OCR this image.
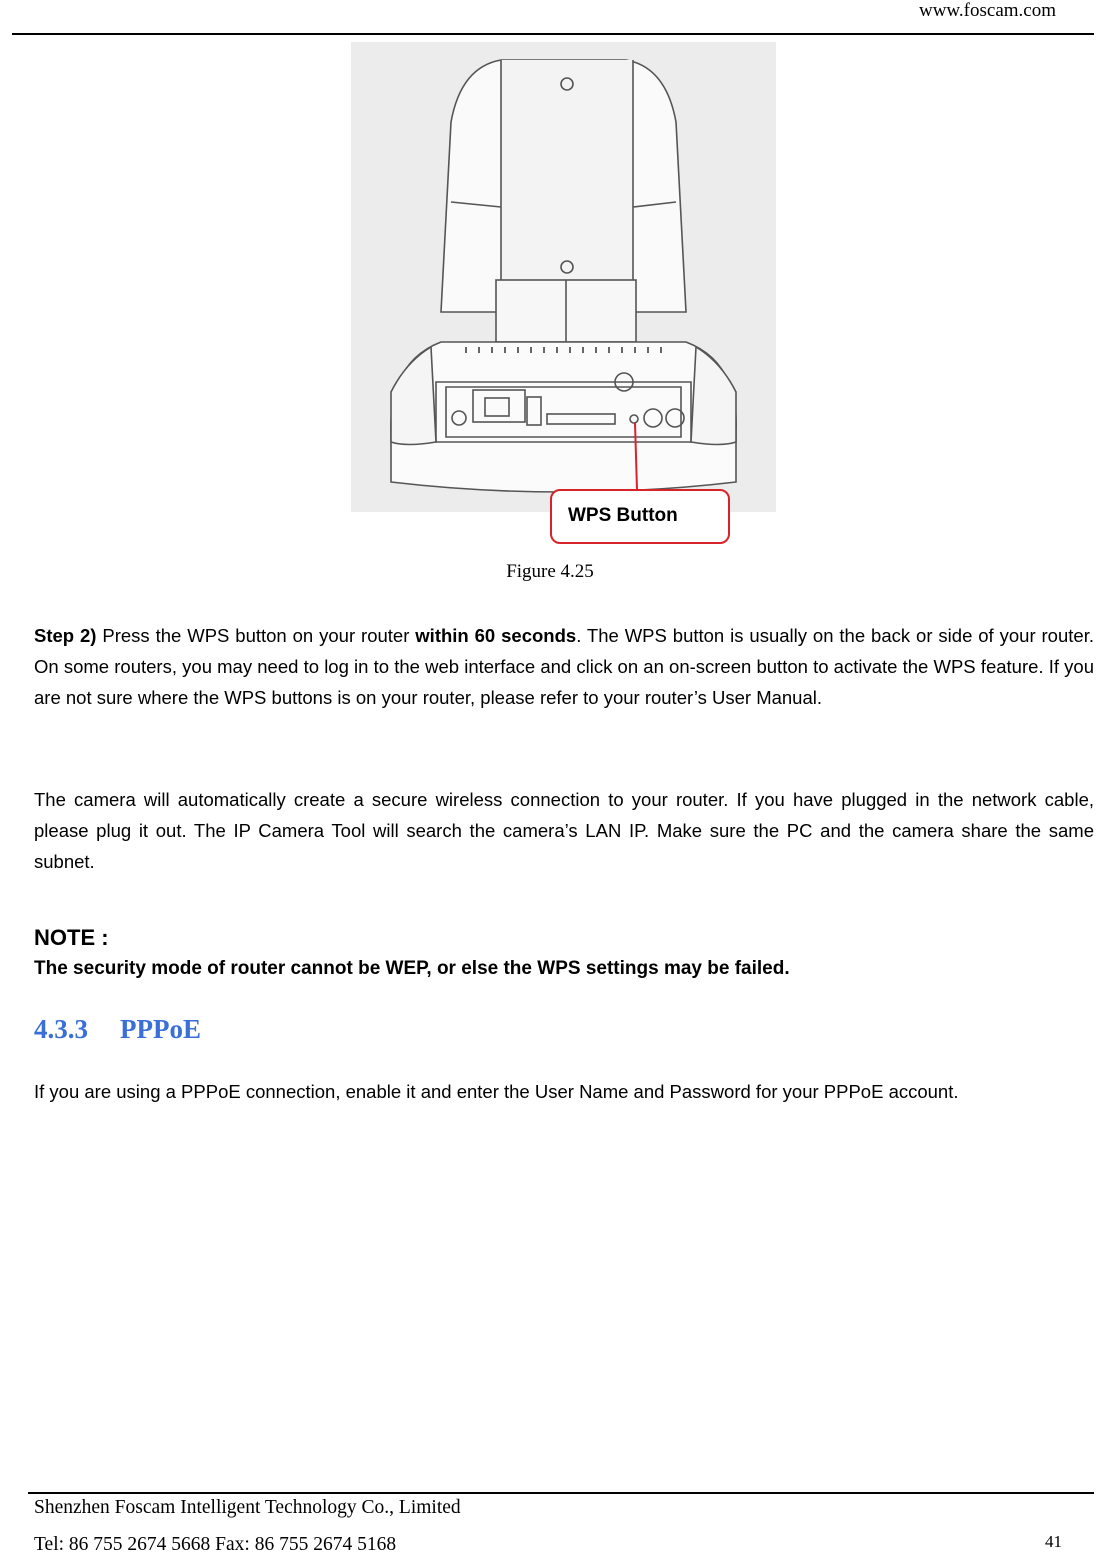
www.foscam.com
WPS Button
Figure 4.25
Step 2) Press the WPS button on your router within 60 seconds. The WPS button is usually on the back or side of your router. On some routers, you may need to log in to the web interface and click on an on-screen button to activate the WPS feature. If you are not sure where the WPS buttons is on your router, please refer to your router’s User Manual.
The camera will automatically create a secure wireless connection to your router. If you have plugged in the network cable, please plug it out. The IP Camera Tool will search the camera’s LAN IP. Make sure the PC and the camera share the same subnet.
NOTE :
The security mode of router cannot be WEP, or else the WPS settings may be failed.
4.3.3 PPPoE
If you are using a PPPoE connection, enable it and enter the User Name and Password for your PPPoE account.
Shenzhen Foscam Intelligent Technology Co., Limited
Tel: 86 755 2674 5668 Fax: 86 755 2674 5168	41
